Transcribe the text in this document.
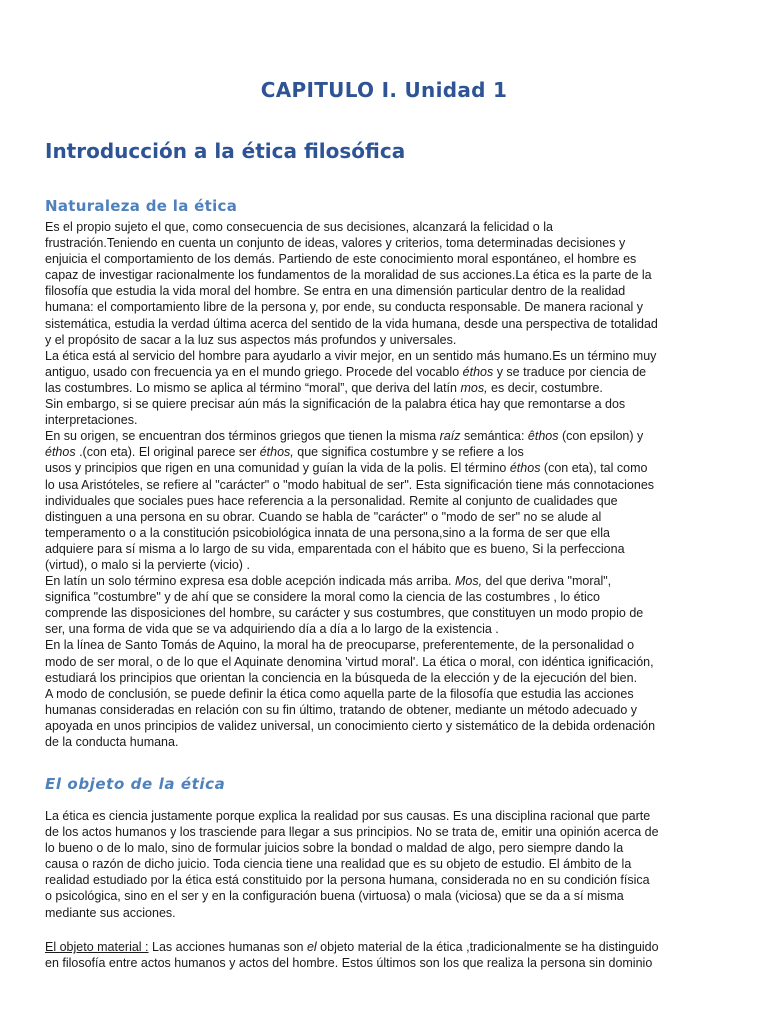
CAPITULO I. Unidad 1
Introducción a la ética filosófica
Naturaleza de la ética
Es el propio sujeto el que, como consecuencia de sus decisiones, alcanzará la felicidad o la
frustración.Teniendo en cuenta un conjunto de ideas, valores y criterios, toma determinadas decisiones y
enjuicia el comportamiento de los demás. Partiendo de este conocimiento moral espontáneo, el hombre es
capaz de investigar racionalmente los fundamentos de la moralidad de sus acciones.La ética es la parte de la
filosofía que estudia la vida moral del hombre. Se entra en una dimensión particular dentro de la realidad
humana: el comportamiento libre de la persona y, por ende, su conducta responsable. De manera racional y
sistemática, estudia la verdad última acerca del sentido de la vida humana, desde una perspectiva de totalidad
y el propósito de sacar a la luz sus aspectos más profundos y universales.
La ética está al servicio del hombre para ayudarlo a vivir mejor, en un sentido más humano.Es un término muy
antiguo, usado con frecuencia ya en el mundo griego. Procede del vocablo éthos y se traduce por ciencia de
las costumbres. Lo mismo se aplica al término “moral”, que deriva del latín mos, es decir, costumbre.
Sin embargo, si se quiere precisar aún más la significación de la palabra ética hay que remontarse a dos
interpretaciones.
En su origen, se encuentran dos términos griegos que tienen la misma raíz semántica: êthos (con epsilon) y
éthos .(con eta). El original parece ser éthos, que significa costumbre y se refiere a los
usos y principios que rigen en una comunidad y guían la vida de la polis. El término éthos (con eta), tal como
lo usa Aristóteles, se refiere al "carácter" o "modo habitual de ser". Esta significación tiene más connotaciones
individuales que sociales pues hace referencia a la personalidad. Remite al conjunto de cualidades que
distinguen a una persona en su obrar. Cuando se habla de "carácter" o "modo de ser" no se alude al
temperamento o a la constitución psicobiológica innata de una persona,sino a la forma de ser que ella
adquiere para sí misma a lo largo de su vida, emparentada con el hábito que es bueno, Si la perfecciona
(virtud), o malo si la pervierte (vicio) .
En latín un solo término expresa esa doble acepción indicada más arriba. Mos, del que deriva "moral",
significa "costumbre" y de ahí que se considere la moral como la ciencia de las costumbres , lo ético
comprende las disposiciones del hombre, su carácter y sus costumbres, que constituyen un modo propio de
ser, una forma de vida que se va adquiriendo día a día a lo largo de la existencia .
En la línea de Santo Tomás de Aquino, la moral ha de preocuparse, preferentemente, de la personalidad o
modo de ser moral, o de lo que el Aquinate denomina 'virtud moral'. La ética o moral, con idéntica ignificación,
estudiará los principios que orientan la conciencia en la búsqueda de la elección y de la ejecución del bien.
A modo de conclusión, se puede definir la ética como aquella parte de la filosofía que estudia las acciones
humanas consideradas en relación con su fin último, tratando de obtener, mediante un método adecuado y
apoyada en unos principios de validez universal, un conocimiento cierto y sistemático de la debida ordenación
de la conducta humana.
El objeto de la ética
La ética es ciencia justamente porque explica la realidad por sus causas. Es una disciplina racional que parte
de los actos humanos y los trasciende para llegar a sus principios. No se trata de, emitir una opinión acerca de
lo bueno o de lo malo, sino de formular juicios sobre la bondad o maldad de algo, pero siempre dando la
causa o razón de dicho juicio. Toda ciencia tiene una realidad que es su objeto de estudio. El ámbito de la
realidad estudiado por la ética está constituido por la persona humana, considerada no en su condición física
o psicológica, sino en el ser y en la configuración buena (virtuosa) o mala (viciosa) que se da a sí misma
mediante sus acciones.
El objeto material : Las acciones humanas son el objeto material de la ética ,tradicionalmente se ha distinguido
en filosofía entre actos humanos y actos del hombre. Estos últimos son los que realiza la persona sin dominio
